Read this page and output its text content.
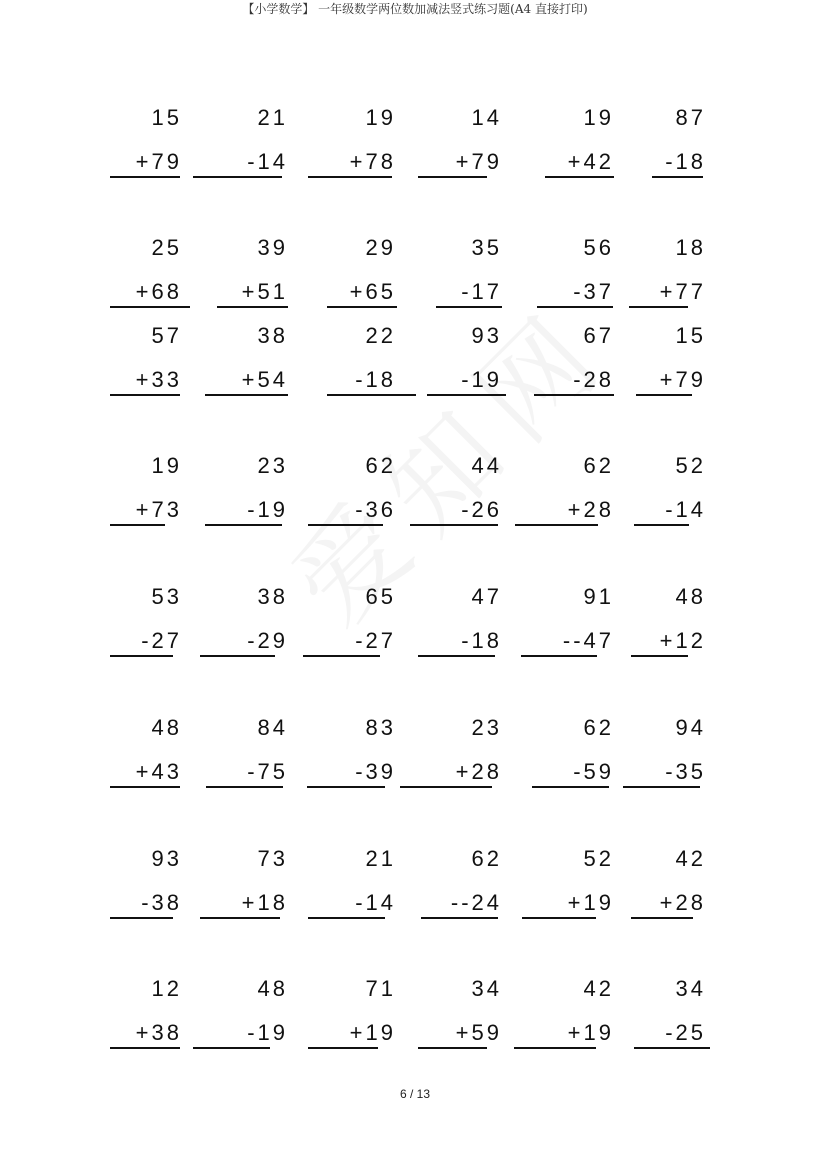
【小学数学】 一年级数学两位数加减法竖式练习题(A4 直接打印)
15
+79
21
-14
19
+78
14
+79
19
+42
87
-18
25
+68
39
+51
29
+65
35
-17
56
-37
18
+77
57
+33
38
+54
22
-18
93
-19
67
-28
15
+79
19
+73
23
-19
62
-36
44
-26
62
+28
52
-14
53
-27
38
-29
65
-27
47
-18
91
--47
48
+12
48
+43
84
-75
83
-39
23
+28
62
-59
94
-35
93
-38
73
+18
21
-14
62
--24
52
+19
42
+28
12
+38
48
-19
71
+19
34
+59
42
+19
34
-25
6 / 13
